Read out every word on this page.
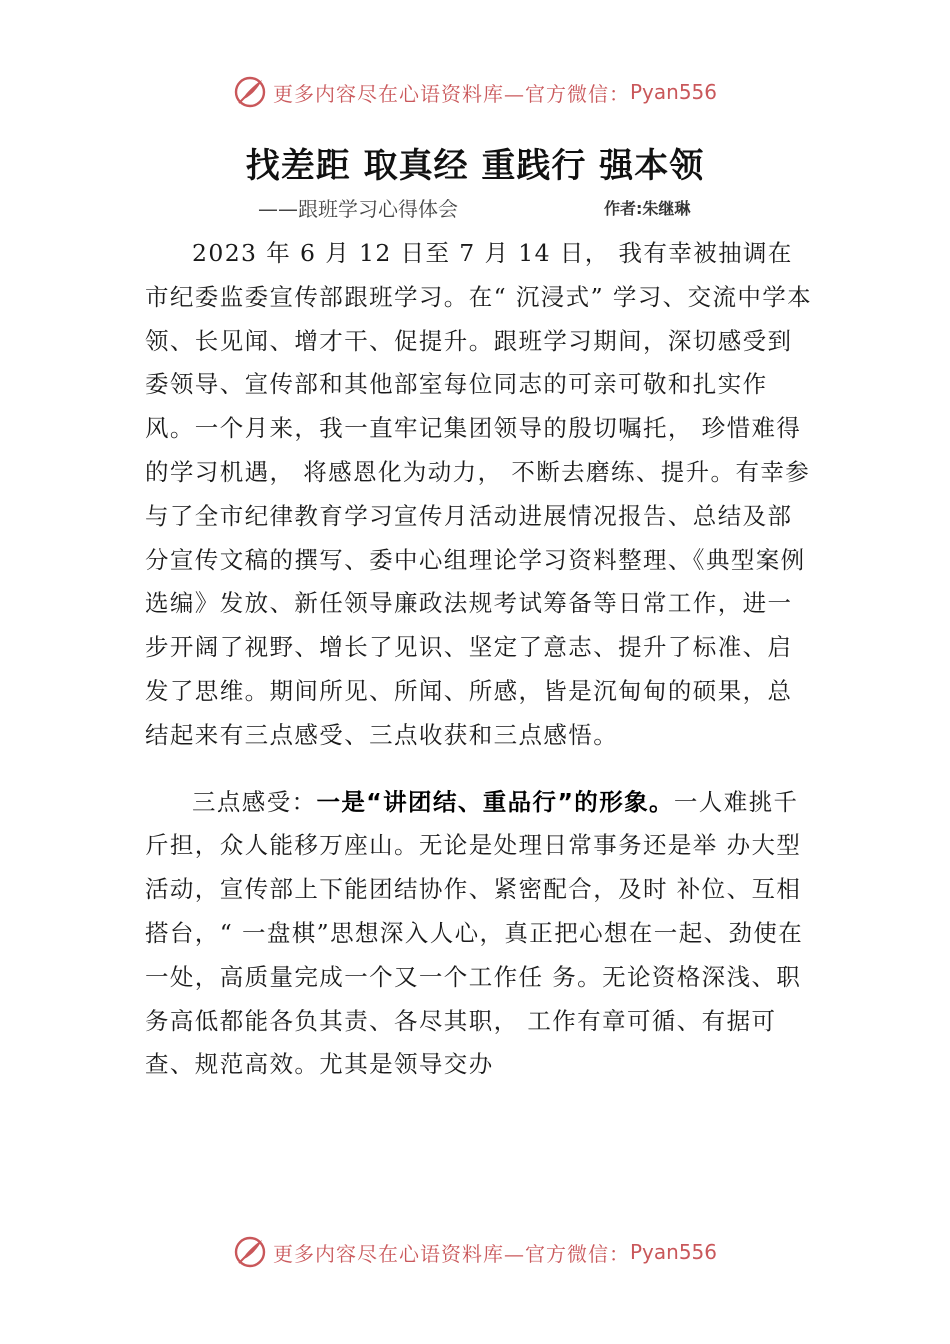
更多内容尽在心语资料库—官方微信： Pyan556
找差距 取真经 重践行 强本领
——跟班学习心得体会	作者:朱继琳

2023 年 6 月 12 日至 7 月 14 日， 我有幸被抽调在市纪委监委宣传部跟班学习。在“ 沉浸式” 学习、交流中学本领、长见闻、增才干、促提升。跟班学习期间，深切感受到委领导、宣传部和其他部室每位同志的可亲可敬和扎实作风。一个月来，我一直牢记集团领导的殷切嘱托， 珍惜难得的学习机遇， 将感恩化为动力， 不断去磨练、提升。有幸参与了全市纪律教育学习宣传月活动进展情况报告、总结及部分宣传文稿的撰写、委中心组理论学习资料整理、《典型案例选编》发放、新任领导廉政法规考试筹备等日常工作，进一步开阔了视野、增长了见识、坚定了意志、提升了标准、启发了思维。期间所见、所闻、所感，皆是沉甸甸的硕果，总结起来有三点感受、三点收获和三点感悟。

三点感受：一是“讲团结、重品行”的形象。一人难挑千斤担，众人能移万座山。无论是处理日常事务还是举 办大型活动，宣传部上下能团结协作、紧密配合，及时 补位、互相搭台，“ 一盘棋”思想深入人心，真正把心想在一起、劲使在一处，高质量完成一个又一个工作任 务。无论资格深浅、职务高低都能各负其责、各尽其职， 工作有章可循、有据可查、规范高效。尤其是领导交办

更多内容尽在心语资料库—官方微信： Pyan556
